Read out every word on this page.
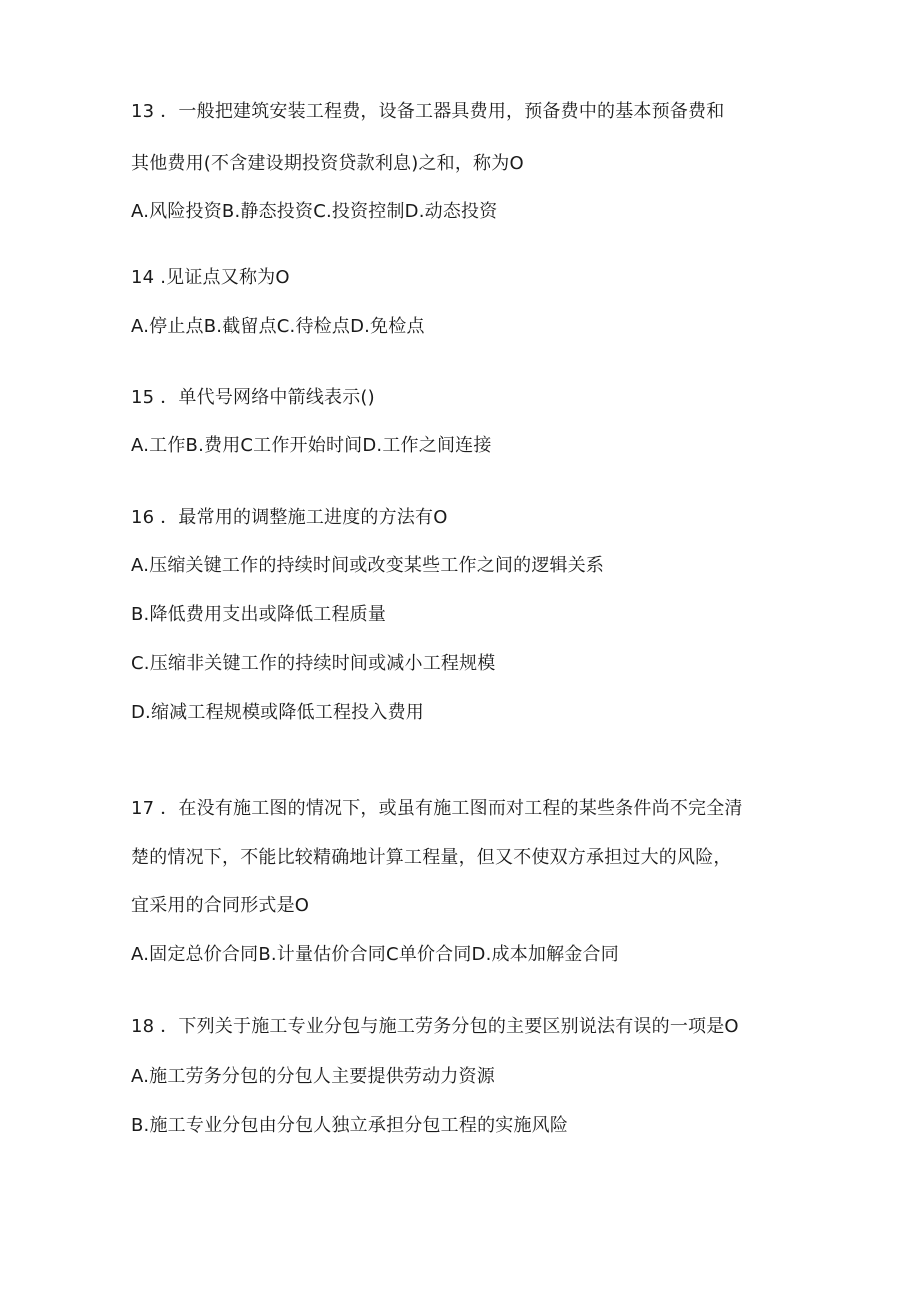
13 ．一般把建筑安装工程费，设备工器具费用，预备费中的基本预备费和
其他费用(不含建设期投资贷款利息)之和，称为O
A.风险投资B.静态投资C.投资控制D.动态投资
14 .见证点又称为O
A.停止点B.截留点C.待检点D.免检点
15 ．单代号网络中箭线表示()
A.工作B.费用C工作开始时间D.工作之间连接
16 ．最常用的调整施工进度的方法有O
A.压缩关键工作的持续时间或改变某些工作之间的逻辑关系
B.降低费用支出或降低工程质量
C.压缩非关键工作的持续时间或减小工程规模
D.缩减工程规模或降低工程投入费用
17 ．在没有施工图的情况下，或虽有施工图而对工程的某些条件尚不完全清
楚的情况下，不能比较精确地计算工程量，但又不使双方承担过大的风险，
宜采用的合同形式是O
A.固定总价合同B.计量估价合同C单价合同D.成本加解金合同
18 ．下列关于施工专业分包与施工劳务分包的主要区别说法有误的一项是O
A.施工劳务分包的分包人主要提供劳动力资源
B.施工专业分包由分包人独立承担分包工程的实施风险
